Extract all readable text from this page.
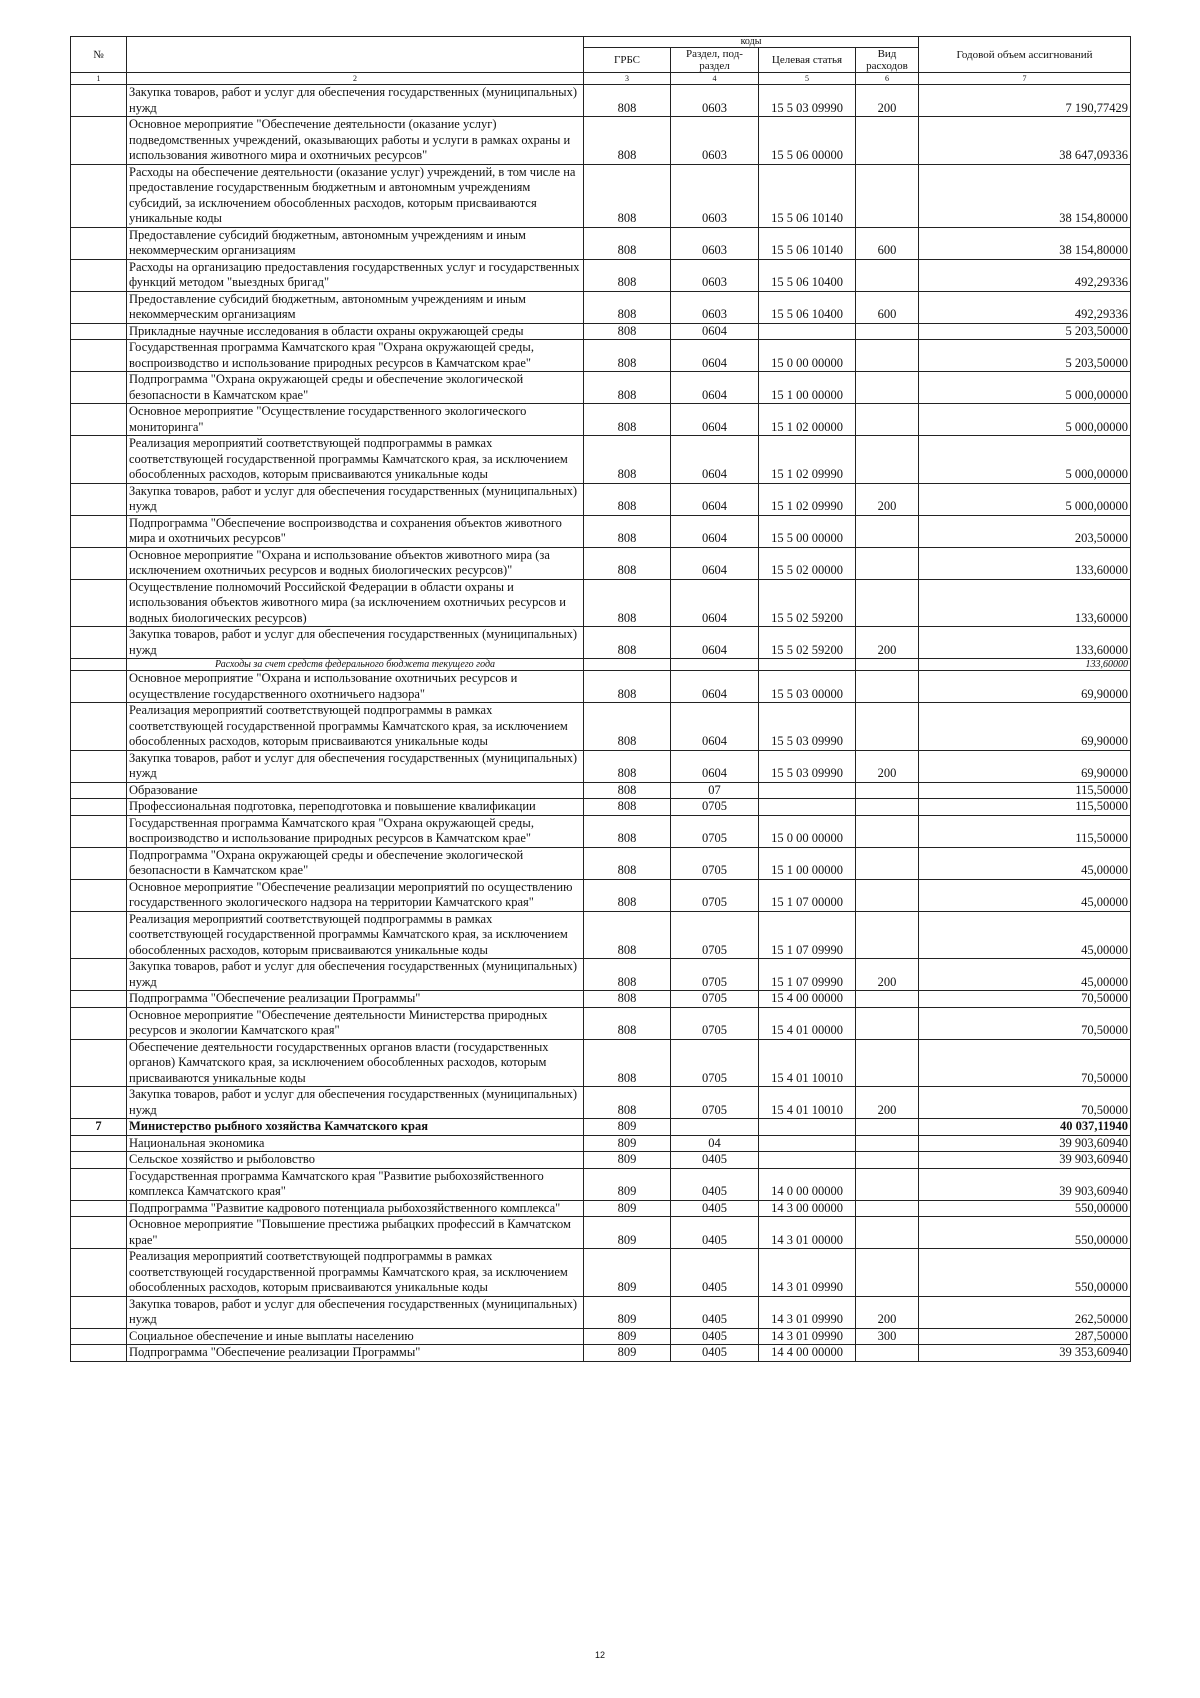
№		коды				Годовой объем ассигнований
		ГРБС	Раздел, под-раздел	Целевая статья	Вид расходов	
1	2	3	4	5	6	7
	Закупка товаров, работ и услуг для обеспечения государственных (муниципальных) нужд	808	0603	15 5 03 09990	200	7 190,77429
	Основное мероприятие "Обеспечение деятельности (оказание услуг) подведомственных учреждений, оказывающих работы и услуги в рамках охраны и использования животного мира и охотничьих ресурсов"	808	0603	15 5 06 00000		38 647,09336
	Расходы на обеспечение деятельности (оказание услуг) учреждений, в том числе на предоставление государственным бюджетным и автономным учреждениям субсидий, за исключением обособленных расходов, которым присваиваются уникальные коды	808	0603	15 5 06 10140		38 154,80000
	Предоставление субсидий бюджетным, автономным учреждениям и иным некоммерческим организациям	808	0603	15 5 06 10140	600	38 154,80000
	Расходы на организацию предоставления государственных услуг и государственных функций методом "выездных бригад"	808	0603	15 5 06 10400		492,29336
	Предоставление субсидий бюджетным, автономным учреждениям и иным некоммерческим организациям	808	0603	15 5 06 10400	600	492,29336
	Прикладные научные исследования в области охраны окружающей среды	808	0604			5 203,50000
	Государственная программа Камчатского края "Охрана окружающей среды, воспроизводство и использование природных ресурсов в Камчатском крае"	808	0604	15 0 00 00000		5 203,50000
	Подпрограмма "Охрана окружающей среды и обеспечение экологической безопасности в Камчатском крае"	808	0604	15 1 00 00000		5 000,00000
	Основное мероприятие "Осуществление государственного экологического мониторинга"	808	0604	15 1 02 00000		5 000,00000
	Реализация мероприятий соответствующей подпрограммы в рамках соответствующей государственной программы Камчатского края, за исключением обособленных расходов, которым присваиваются уникальные коды	808	0604	15 1 02 09990		5 000,00000
	Закупка товаров, работ и услуг для обеспечения государственных (муниципальных) нужд	808	0604	15 1 02 09990	200	5 000,00000
	Подпрограмма "Обеспечение воспроизводства и сохранения объектов животного мира и охотничьих ресурсов"	808	0604	15 5 00 00000		203,50000
	Основное мероприятие "Охрана и использование объектов животного мира (за исключением охотничьих ресурсов и водных биологических ресурсов)"	808	0604	15 5 02 00000		133,60000
	Осуществление полномочий Российской Федерации в области охраны и использования объектов животного мира (за исключением охотничьих ресурсов и водных биологических ресурсов)	808	0604	15 5 02 59200		133,60000
	Закупка товаров, работ и услуг для обеспечения государственных (муниципальных) нужд	808	0604	15 5 02 59200	200	133,60000
	Расходы за счет средств федерального бюджета текущего года					133,60000
	Основное мероприятие "Охрана и использование охотничьих ресурсов и осуществление государственного охотничьего надзора"	808	0604	15 5 03 00000		69,90000
	Реализация мероприятий соответствующей подпрограммы в рамках соответствующей государственной программы Камчатского края, за исключением обособленных расходов, которым присваиваются уникальные коды	808	0604	15 5 03 09990		69,90000
	Закупка товаров, работ и услуг для обеспечения государственных (муниципальных) нужд	808	0604	15 5 03 09990	200	69,90000
	Образование	808	07			115,50000
	Профессиональная подготовка, переподготовка и повышение квалификации	808	0705			115,50000
	Государственная программа Камчатского края "Охрана окружающей среды, воспроизводство и использование природных ресурсов в Камчатском крае"	808	0705	15 0 00 00000		115,50000
	Подпрограмма "Охрана окружающей среды и обеспечение экологической безопасности в Камчатском крае"	808	0705	15 1 00 00000		45,00000
	Основное мероприятие "Обеспечение реализации мероприятий по осуществлению государственного экологического надзора на территории Камчатского края"	808	0705	15 1 07 00000		45,00000
	Реализация мероприятий соответствующей подпрограммы в рамках соответствующей государственной программы Камчатского края, за исключением обособленных расходов, которым присваиваются уникальные коды	808	0705	15 1 07 09990		45,00000
	Закупка товаров, работ и услуг для обеспечения государственных (муниципальных) нужд	808	0705	15 1 07 09990	200	45,00000
	Подпрограмма "Обеспечение реализации Программы"	808	0705	15 4 00 00000		70,50000
	Основное мероприятие "Обеспечение деятельности Министерства природных ресурсов и экологии Камчатского края"	808	0705	15 4 01 00000		70,50000
	Обеспечение деятельности государственных органов власти (государственных органов) Камчатского края, за исключением обособленных расходов, которым присваиваются уникальные коды	808	0705	15 4 01 10010		70,50000
	Закупка товаров, работ и услуг для обеспечения государственных (муниципальных) нужд	808	0705	15 4 01 10010	200	70,50000
7	Министерство рыбного хозяйства Камчатского края	809				40 037,11940
	Национальная экономика	809	04			39 903,60940
	Сельское хозяйство и рыболовство	809	0405			39 903,60940
	Государственная программа Камчатского края "Развитие рыбохозяйственного комплекса Камчатского края"	809	0405	14 0 00 00000		39 903,60940
	Подпрограмма "Развитие кадрового потенциала рыбохозяйственного комплекса"	809	0405	14 3 00 00000		550,00000
	Основное мероприятие "Повышение престижа рыбацких профессий в Камчатском крае"	809	0405	14 3 01 00000		550,00000
	Реализация мероприятий соответствующей подпрограммы в рамках соответствующей государственной программы Камчатского края, за исключением обособленных расходов, которым присваиваются уникальные коды	809	0405	14 3 01 09990		550,00000
	Закупка товаров, работ и услуг для обеспечения государственных (муниципальных) нужд	809	0405	14 3 01 09990	200	262,50000
	Социальное обеспечение и иные выплаты населению	809	0405	14 3 01 09990	300	287,50000
	Подпрограмма "Обеспечение реализации Программы"	809	0405	14 4 00 00000		39 353,60940
12
